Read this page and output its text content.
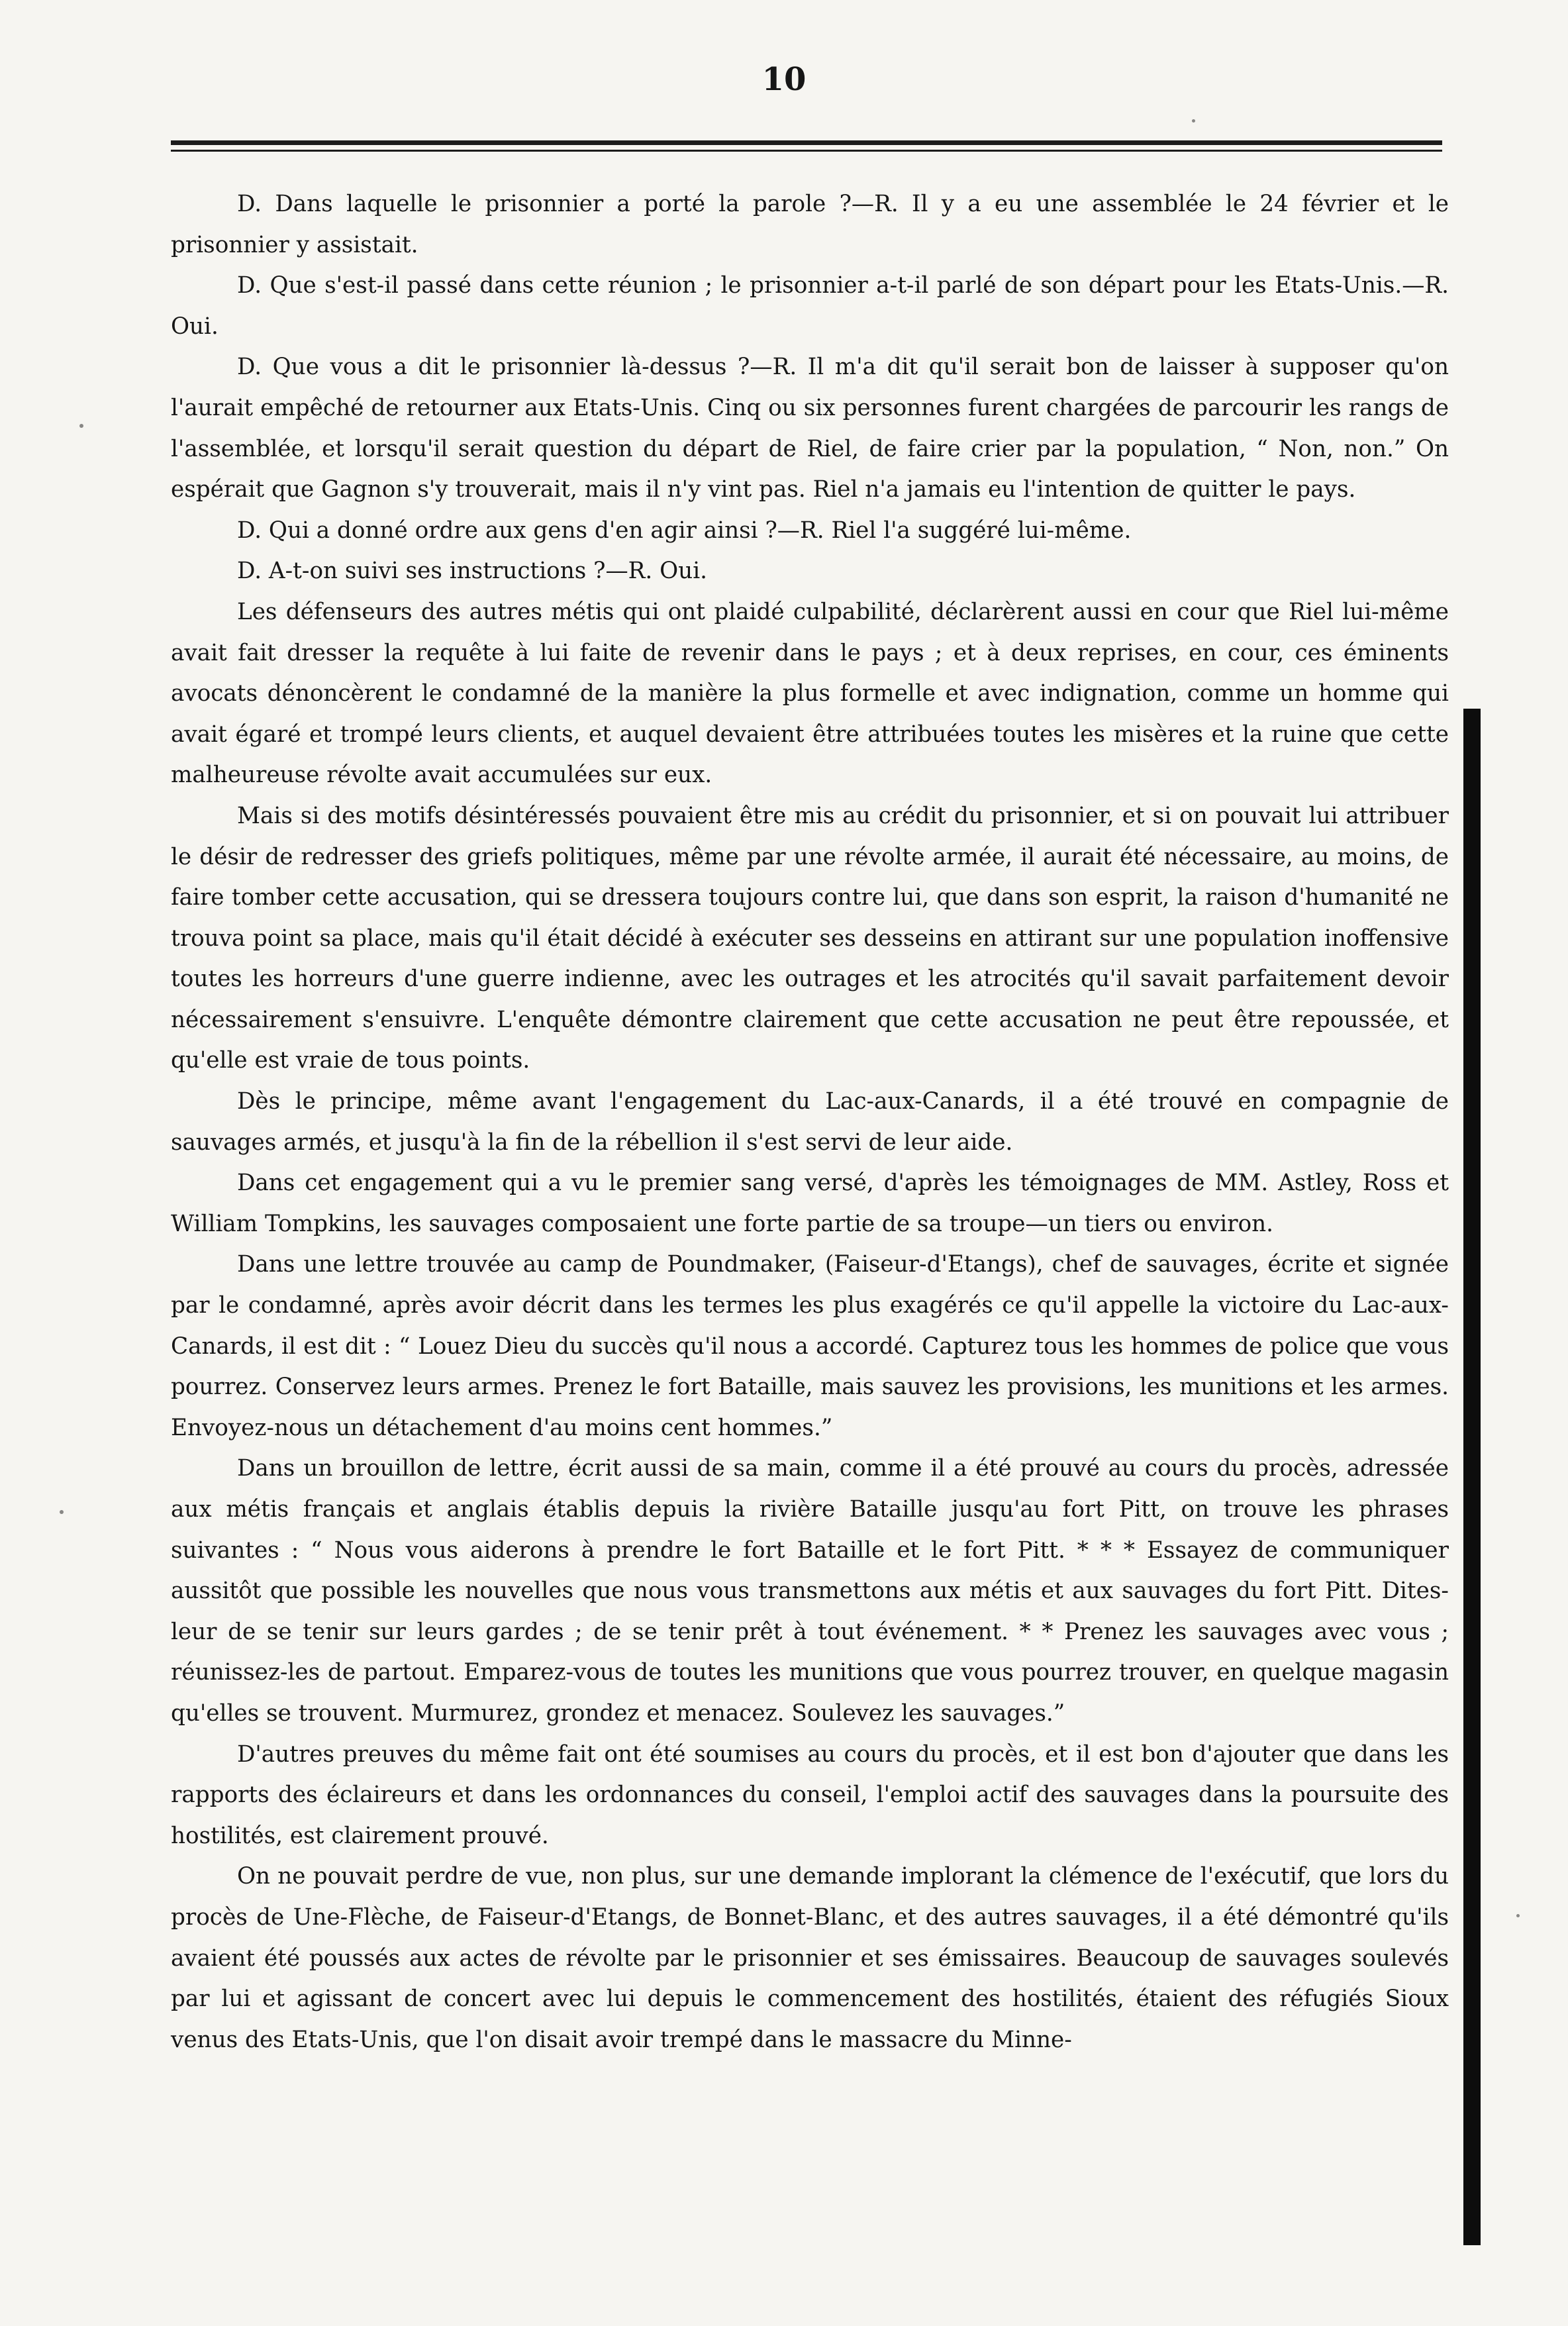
10

D. Dans laquelle le prisonnier a porté la parole ?—R. Il y a eu une assemblée le 24 février et le prisonnier y assistait.

D. Que s'est-il passé dans cette réunion ; le prisonnier a-t-il parlé de son départ pour les Etats-Unis.—R. Oui.

D. Que vous a dit le prisonnier là-dessus ?—R. Il m'a dit qu'il serait bon de laisser à supposer qu'on l'aurait empêché de retourner aux Etats-Unis. Cinq ou six personnes furent chargées de parcourir les rangs de l'assemblée, et lorsqu'il serait question du départ de Riel, de faire crier par la population, “ Non, non.” On espérait que Gagnon s'y trouverait, mais il n'y vint pas. Riel n'a jamais eu l'intention de quitter le pays.

D. Qui a donné ordre aux gens d'en agir ainsi ?—R. Riel l'a suggéré lui-même.

D. A-t-on suivi ses instructions ?—R. Oui.

Les défenseurs des autres métis qui ont plaidé culpabilité, déclarèrent aussi en cour que Riel lui-même avait fait dresser la requête à lui faite de revenir dans le pays ; et à deux reprises, en cour, ces éminents avocats dénoncèrent le condamné de la manière la plus formelle et avec indignation, comme un homme qui avait égaré et trompé leurs clients, et auquel devaient être attribuées toutes les misères et la ruine que cette malheureuse révolte avait accumulées sur eux.

Mais si des motifs désintéressés pouvaient être mis au crédit du prisonnier, et si on pouvait lui attribuer le désir de redresser des griefs politiques, même par une révolte armée, il aurait été nécessaire, au moins, de faire tomber cette accusation, qui se dressera toujours contre lui, que dans son esprit, la raison d'humanité ne trouva point sa place, mais qu'il était décidé à exécuter ses desseins en attirant sur une population inoffensive toutes les horreurs d'une guerre indienne, avec les outrages et les atrocités qu'il savait parfaitement devoir nécessairement s'ensuivre. L'enquête démontre clairement que cette accusation ne peut être repoussée, et qu'elle est vraie de tous points.

Dès le principe, même avant l'engagement du Lac-aux-Canards, il a été trouvé en compagnie de sauvages armés, et jusqu'à la fin de la rébellion il s'est servi de leur aide.

Dans cet engagement qui a vu le premier sang versé, d'après les témoignages de MM. Astley, Ross et William Tompkins, les sauvages composaient une forte partie de sa troupe—un tiers ou environ.

Dans une lettre trouvée au camp de Poundmaker, (Faiseur-d'Etangs), chef de sauvages, écrite et signée par le condamné, après avoir décrit dans les termes les plus exagérés ce qu'il appelle la victoire du Lac-aux-Canards, il est dit : “ Louez Dieu du succès qu'il nous a accordé. Capturez tous les hommes de police que vous pourrez. Conservez leurs armes. Prenez le fort Bataille, mais sauvez les provisions, les munitions et les armes. Envoyez-nous un détachement d'au moins cent hommes.”

Dans un brouillon de lettre, écrit aussi de sa main, comme il a été prouvé au cours du procès, adressée aux métis français et anglais établis depuis la rivière Bataille jusqu'au fort Pitt, on trouve les phrases suivantes : “ Nous vous aiderons à prendre le fort Bataille et le fort Pitt. * * * Essayez de communiquer aussitôt que possible les nouvelles que nous vous transmettons aux métis et aux sauvages du fort Pitt. Dites-leur de se tenir sur leurs gardes ; de se tenir prêt à tout événement. * * Prenez les sauvages avec vous ; réunissez-les de partout. Emparez-vous de toutes les munitions que vous pourrez trouver, en quelque magasin qu'elles se trouvent. Murmurez, grondez et menacez. Soulevez les sauvages.”

D'autres preuves du même fait ont été soumises au cours du procès, et il est bon d'ajouter que dans les rapports des éclaireurs et dans les ordonnances du conseil, l'emploi actif des sauvages dans la poursuite des hostilités, est clairement prouvé.

On ne pouvait perdre de vue, non plus, sur une demande implorant la clémence de l'exécutif, que lors du procès de Une-Flèche, de Faiseur-d'Etangs, de Bonnet-Blanc, et des autres sauvages, il a été démontré qu'ils avaient été poussés aux actes de révolte par le prisonnier et ses émissaires. Beaucoup de sauvages soulevés par lui et agissant de concert avec lui depuis le commencement des hostilités, étaient des réfugiés Sioux venus des Etats-Unis, que l'on disait avoir trempé dans le massacre du Minne-
